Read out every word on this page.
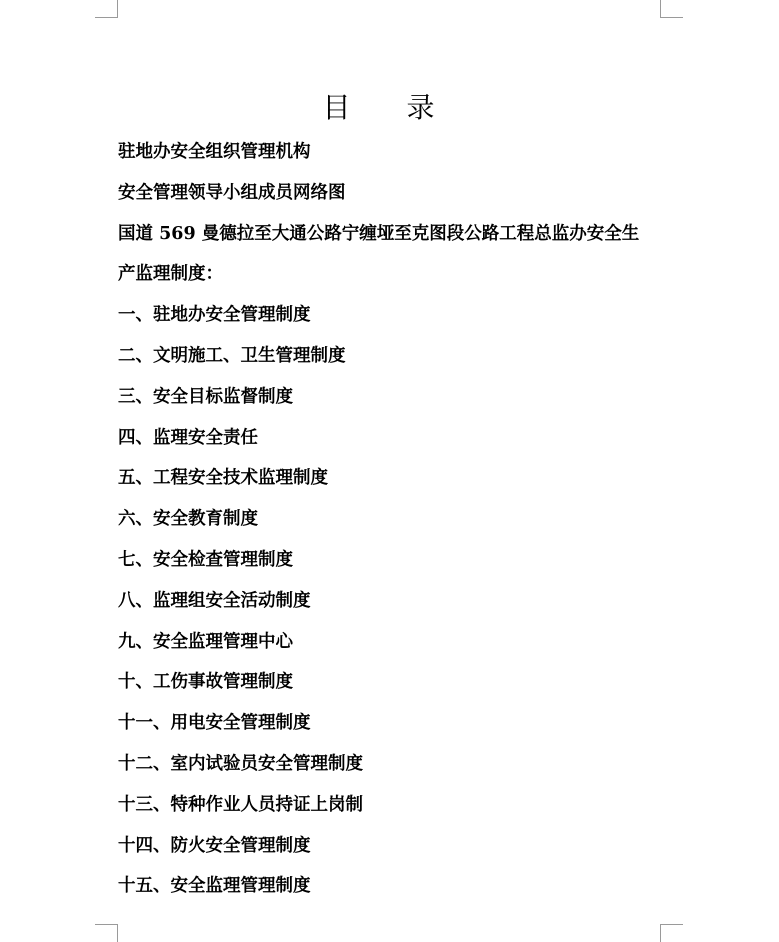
目 录
驻地办安全组织管理机构
安全管理领导小组成员网络图
国道 569 曼德拉至大通公路宁缠垭至克图段公路工程总监办安全生
产监理制度：
一、驻地办安全管理制度
二、文明施工、卫生管理制度
三、安全目标监督制度
四、监理安全责任
五、工程安全技术监理制度
六、安全教育制度
七、安全检查管理制度
八、监理组安全活动制度
九、安全监理管理中心
十、工伤事故管理制度
十一、用电安全管理制度
十二、室内试验员安全管理制度
十三、特种作业人员持证上岗制
十四、防火安全管理制度
十五、安全监理管理制度
